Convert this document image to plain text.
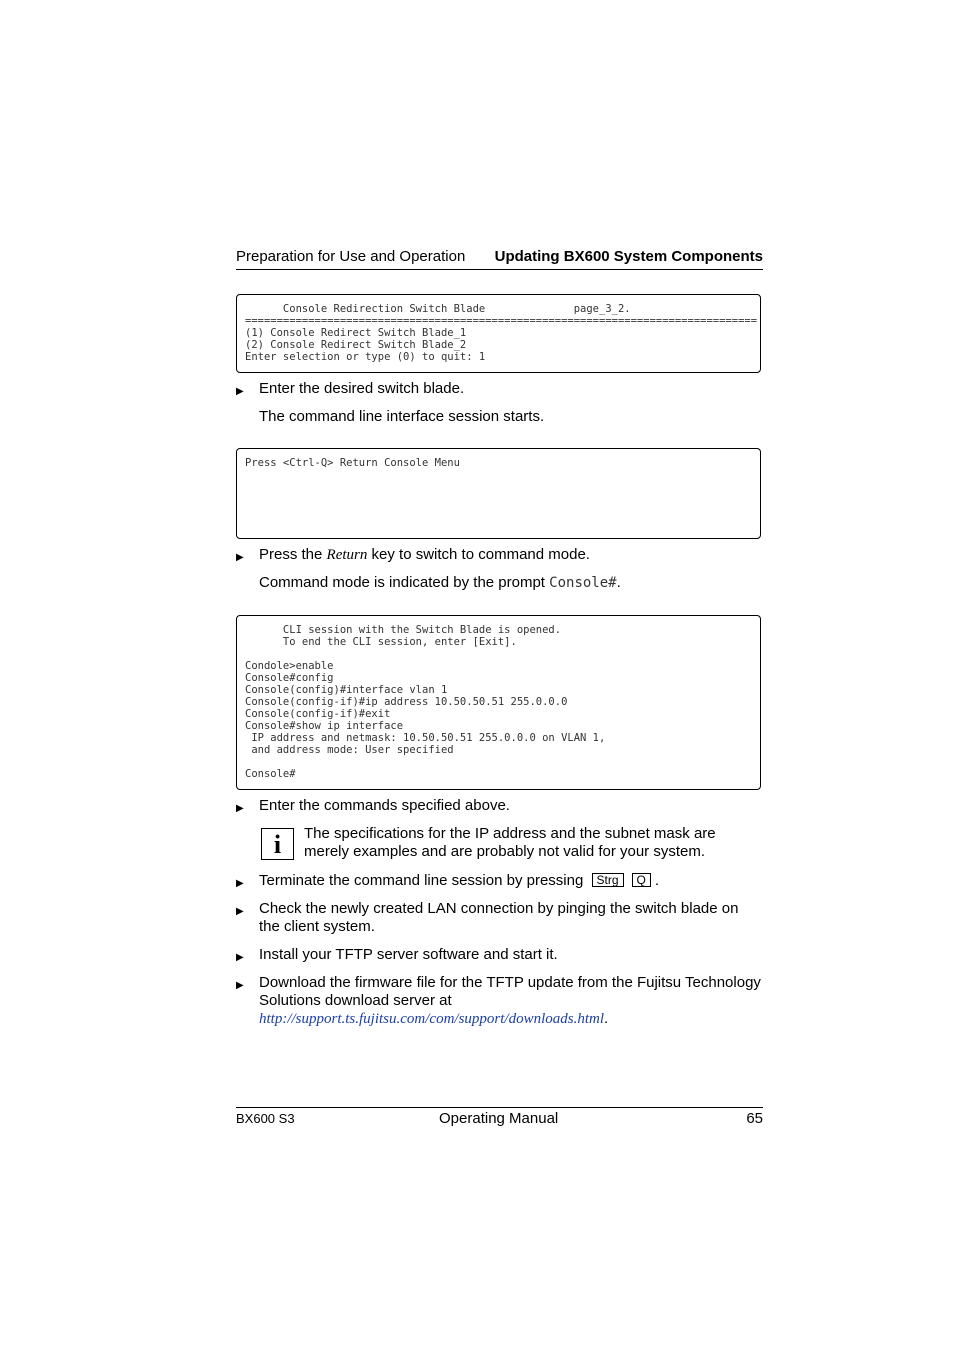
Preparation for Use and Operation Updating BX600 System Components
Console Redirection Switch Blade              page_3_2.
=================================================================================
(1) Console Redirect Switch Blade_1
(2) Console Redirect Switch Blade_2
Enter selection or type (0) to quit: 1
▶ Enter the desired switch blade.
The command line interface session starts.
Press <Ctrl-Q> Return Console Menu
▶ Press the Return key to switch to command mode.
Command mode is indicated by the prompt Console#.
CLI session with the Switch Blade is opened.
To end the CLI session, enter [Exit].

Condole>enable
Console#config
Console(config)#interface vlan 1
Console(config-if)#ip address 10.50.50.51 255.0.0.0
Console(config-if)#exit
Console#show ip interface
IP address and netmask: 10.50.50.51 255.0.0.0 on VLAN 1,
and address mode: User specified

Console#
▶ Enter the commands specified above.
i	The specifications for the IP address and the subnet mask are merely examples and are probably not valid for your system.
▶ Terminate the command line session by pressing Strg Q .
▶ Check the newly created LAN connection by pinging the switch blade on the client system.
▶ Install your TFTP server software and start it.
▶ Download the firmware file for the TFTP update from the Fujitsu Technology Solutions download server at
http://support.ts.fujitsu.com/com/support/downloads.html.
BX600 S3	Operating Manual	65
